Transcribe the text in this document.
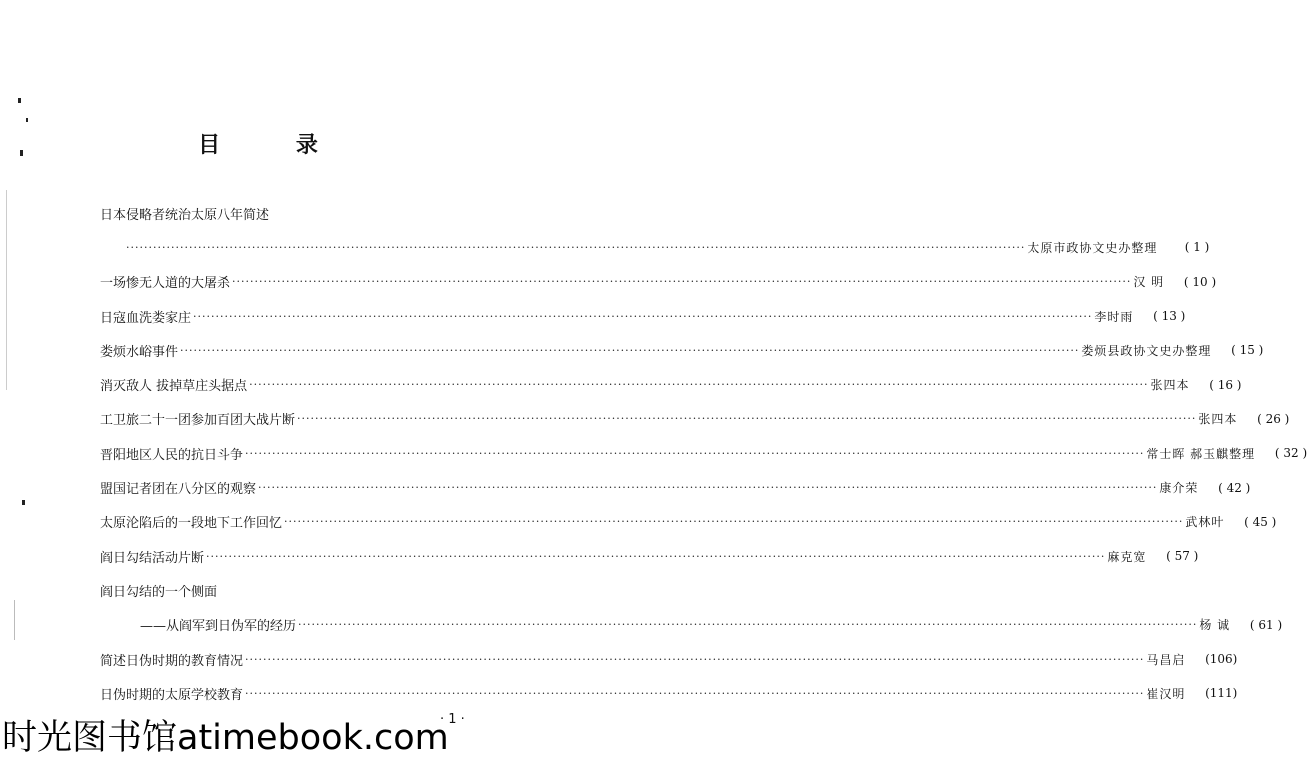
目 录
日本侵略者统治太原八年简述
········································································································································································································ 太原市政协文史办整理	( 1 )
一场惨无人道的大屠杀 ········································································································································································································ 汉 明	( 10 )
日寇血洗娄家庄 ········································································································································································································ 李时雨	( 13 )
娄烦水峪事件 ········································································································································································································ 娄烦县政协文史办整理	( 15 )
消灭敌人 拔掉草庄头据点 ········································································································································································································ 张四本	( 16 )
工卫旅二十一团参加百团大战片断 ········································································································································································································ 张四本	( 26 )
晋阳地区人民的抗日斗争 ········································································································································································································ 常士晖 郝玉麒整理	( 32 )
盟国记者团在八分区的观察 ········································································································································································································ 康介荣	( 42 )
太原沦陷后的一段地下工作回忆 ········································································································································································································ 武林叶	( 45 )
阎日勾结活动片断 ········································································································································································································ 麻克宽	( 57 )
阎日勾结的一个侧面
——从阎军到日伪军的经历 ········································································································································································································ 杨 诚	( 61 )
简述日伪时期的教育情况 ········································································································································································································ 马昌启	(106)
日伪时期的太原学校教育 ········································································································································································································ 崔汉明	(111)
· 1 ·
时光图书馆atimebook.com
